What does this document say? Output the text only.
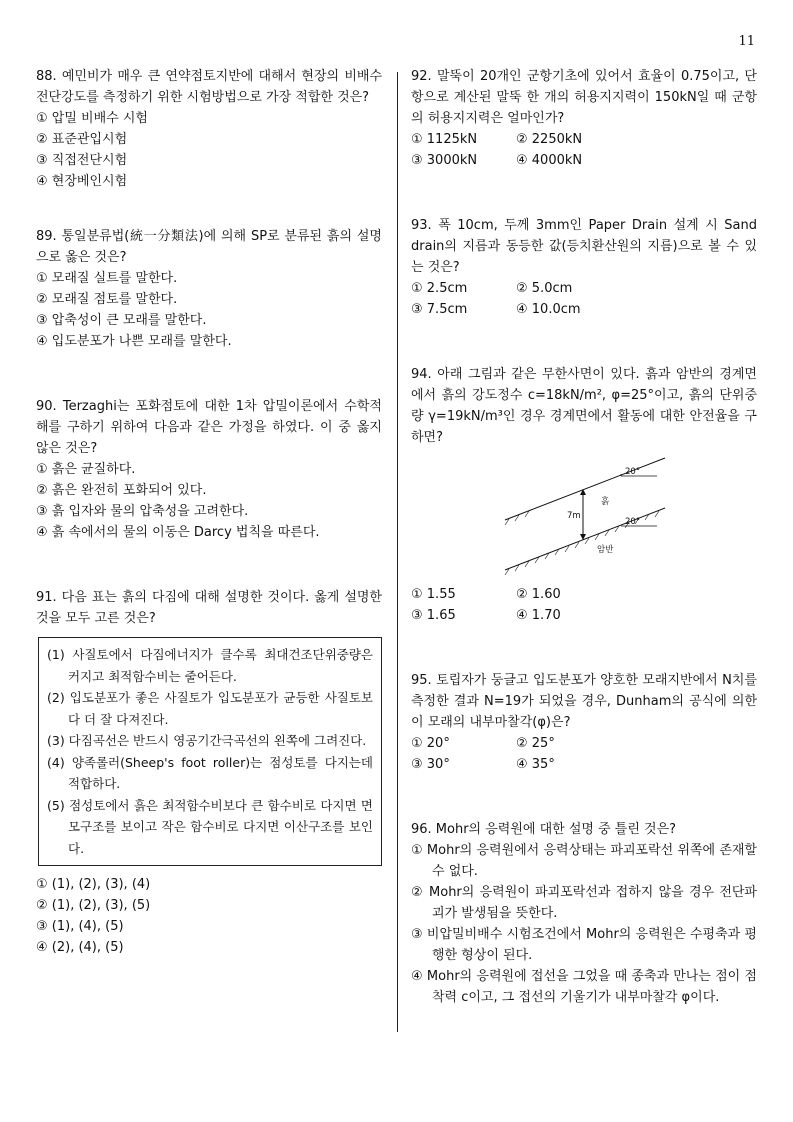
11

88. 예민비가 매우 큰 연약점토지반에 대해서 현장의 비배수 전단강도를 측정하기 위한 시험방법으로 가장 적합한 것은?

① 압밀 비배수 시험
② 표준관입시험
③ 직접전단시험
④ 현장베인시험

89. 통일분류법(統一分類法)에 의해 SP로 분류된 흙의 설명으로 옳은 것은?

① 모래질 실트를 말한다.
② 모래질 점토를 말한다.
③ 압축성이 큰 모래를 말한다.
④ 입도분포가 나쁜 모래를 말한다.

90. Terzaghi는 포화점토에 대한 1차 압밀이론에서 수학적 해를 구하기 위하여 다음과 같은 가정을 하였다. 이 중 옳지 않은 것은?

① 흙은 균질하다.
② 흙은 완전히 포화되어 있다.
③ 흙 입자와 물의 압축성을 고려한다.
④ 흙 속에서의 물의 이동은 Darcy 법칙을 따른다.

91. 다음 표는 흙의 다짐에 대해 설명한 것이다. 옳게 설명한 것을 모두 고른 것은?

(1) 사질토에서 다짐에너지가 클수록 최대건조단위중량은 커지고 최적함수비는 줄어든다.
(2) 입도분포가 좋은 사질토가 입도분포가 균등한 사질토보다 더 잘 다져진다.
(3) 다짐곡선은 반드시 영공기간극곡선의 왼쪽에 그려진다.
(4) 양족롤러(Sheep's foot roller)는 점성토를 다지는데 적합하다.
(5) 점성토에서 흙은 최적함수비보다 큰 함수비로 다지면 면모구조를 보이고 작은 함수비로 다지면 이산구조를 보인다.
① (1), (2), (3), (4)
② (1), (2), (3), (5)
③ (1), (4), (5)
④ (2), (4), (5)

92. 말뚝이 20개인 군항기초에 있어서 효율이 0.75이고, 단항으로 계산된 말뚝 한 개의 허용지지력이 150kN일 때 군항의 허용지지력은 얼마인가?

① 1125kN	② 2250kN
③ 3000kN	④ 4000kN

93. 폭 10cm, 두께 3mm인 Paper Drain 설계 시 Sand drain의 지름과 동등한 값(등치환산원의 지름)으로 볼 수 있는 것은?

① 2.5cm	② 5.0cm
③ 7.5cm	④ 10.0cm

94. 아래 그림과 같은 무한사면이 있다. 흙과 암반의 경계면에서 흙의 강도정수 c=18kN/m², φ=25°이고, 흙의 단위중량 γ=19kN/m³인 경우 경계면에서 활동에 대한 안전율을 구하면?

7m
흙
암반
20°
20°
① 1.55	② 1.60
③ 1.65	④ 1.70

95. 토립자가 둥글고 입도분포가 양호한 모래지반에서 N치를 측정한 결과 N=19가 되었을 경우, Dunham의 공식에 의한 이 모래의 내부마찰각(φ)은?

① 20°	② 25°
③ 30°	④ 35°

96. Mohr의 응력원에 대한 설명 중 틀린 것은?

① Mohr의 응력원에서 응력상태는 파괴포락선 위쪽에 존재할 수 없다.
② Mohr의 응력원이 파괴포락선과 접하지 않을 경우 전단파괴가 발생됨을 뜻한다.
③ 비압밀비배수 시험조건에서 Mohr의 응력원은 수평축과 평행한 형상이 된다.
④ Mohr의 응력원에 접선을 그었을 때 종축과 만나는 점이 점착력 c이고, 그 접선의 기울기가 내부마찰각 φ이다.
